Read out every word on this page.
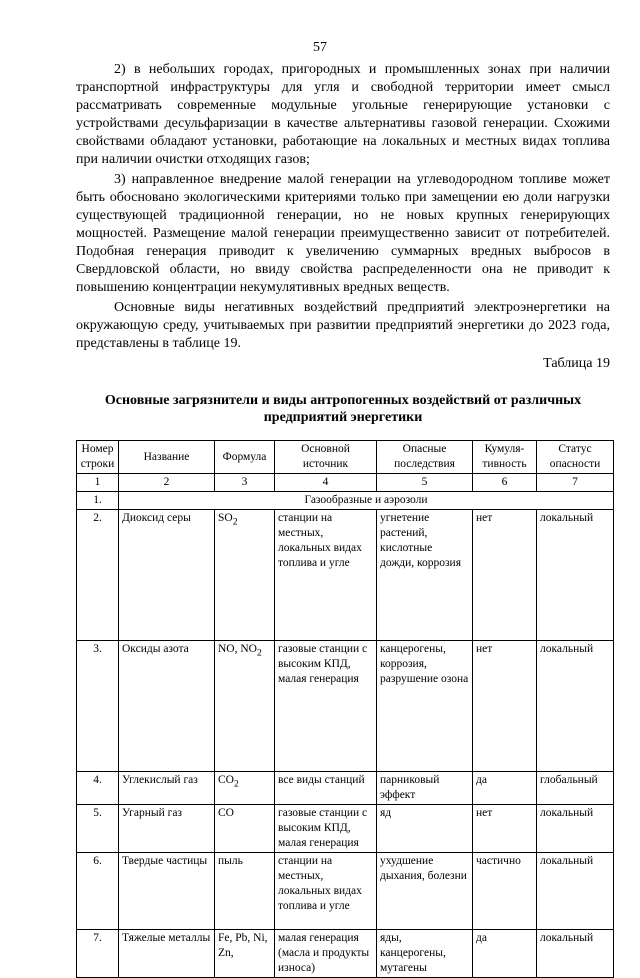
57

2) в небольших городах, пригородных и промышленных зонах при наличии транспортной инфраструктуры для угля и свободной территории имеет смысл рассматривать современные модульные угольные генерирующие установки с устройствами десульфаризации в качестве альтернативы газовой генерации. Схожими свойствами обладают установки, работающие на локальных и местных видах топлива при наличии очистки отходящих газов;

3) направленное внедрение малой генерации на углеводородном топливе может быть обосновано экологическими критериями только при замещении ею доли нагрузки существующей традиционной генерации, но не новых крупных генерирующих мощностей. Размещение малой генерации преимущественно зависит от потребителей. Подобная генерация приводит к увеличению суммарных вредных выбросов в Свердловской области, но ввиду свойства распределенности она не приводит к повышению концентрации некумулятивных вредных веществ.

Основные виды негативных воздействий предприятий электроэнергетики на окружающую среду, учитываемых при развитии предприятий энергетики до 2023 года, представлены в таблице 19.

Таблица 19
Основные загрязнители и виды антропогенных воздействий от различных предприятий энергетики
Номер строки	Название	Формула	Основной источник	Опасные последствия	Кумуля-тивность	Статус опасности
1	2	3	4	5	6	7
1.	Газообразные и аэрозоли					
2.	Диоксид серы	$SO_2$	станции на местных, локальных видах топлива и угле	угнетение растений, кислотные дожди, коррозия	нет	локальный
3.	Оксиды азота	NO, $NO_2$	газовые станции с высоким КПД, малая генерация	канцерогены, коррозия, разрушение озона	нет	локальный
4.	Углекислый газ	$CO_2$	все виды станций	парниковый эффект	да	глобальный
5.	Угарный газ	CO	газовые станции с высоким КПД, малая генерация	яд	нет	локальный
6.	Твердые частицы	пыль	станции на местных, локальных видах топлива и угле	ухудшение дыхания, болезни	частично	локальный
7.	Тяжелые металлы	Fe, Pb, Ni, Zn,	малая генерация (масла и продукты износа)	яды, канцерогены, мутагены	да	локальный
